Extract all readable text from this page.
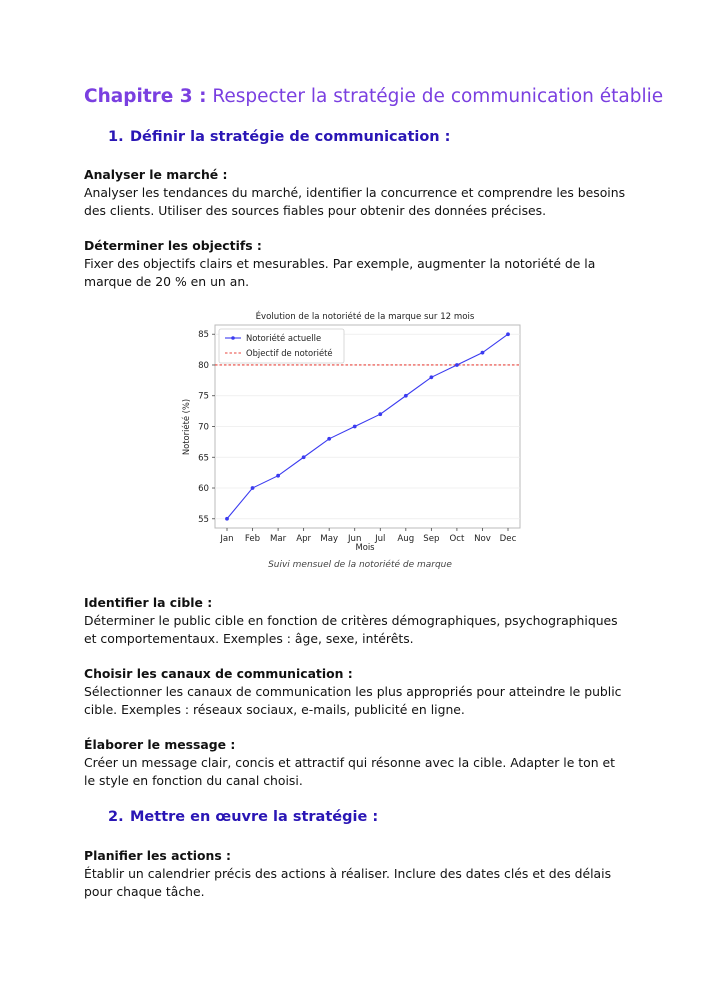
Chapitre 3 : Respecter la stratégie de communication établie
1. Définir la stratégie de communication :

Analyser le marché :

Analyser les tendances du marché, identifier la concurrence et comprendre les besoins des clients. Utiliser des sources fiables pour obtenir des données précises.

Déterminer les objectifs :

Fixer des objectifs clairs et mesurables. Par exemple, augmenter la notoriété de la marque de 20 % en un an.

Évolution de la notoriété de la marque sur 12 mois
55
60
65
70
75
80
85
Jan Feb Mar Apr May Jun Jul Aug Sep Oct Nov Dec
Notoriété actuelle
Objectif de notoriété
Mois
Notoriété (%)
Suivi mensuel de la notoriété de marque

Identifier la cible :

Déterminer le public cible en fonction de critères démographiques, psychographiques et comportementaux. Exemples : âge, sexe, intérêts.

Choisir les canaux de communication :

Sélectionner les canaux de communication les plus appropriés pour atteindre le public cible. Exemples : réseaux sociaux, e-mails, publicité en ligne.

Élaborer le message :

Créer un message clair, concis et attractif qui résonne avec la cible. Adapter le ton et le style en fonction du canal choisi.

2. Mettre en œuvre la stratégie :

Planifier les actions :

Établir un calendrier précis des actions à réaliser. Inclure des dates clés et des délais pour chaque tâche.
